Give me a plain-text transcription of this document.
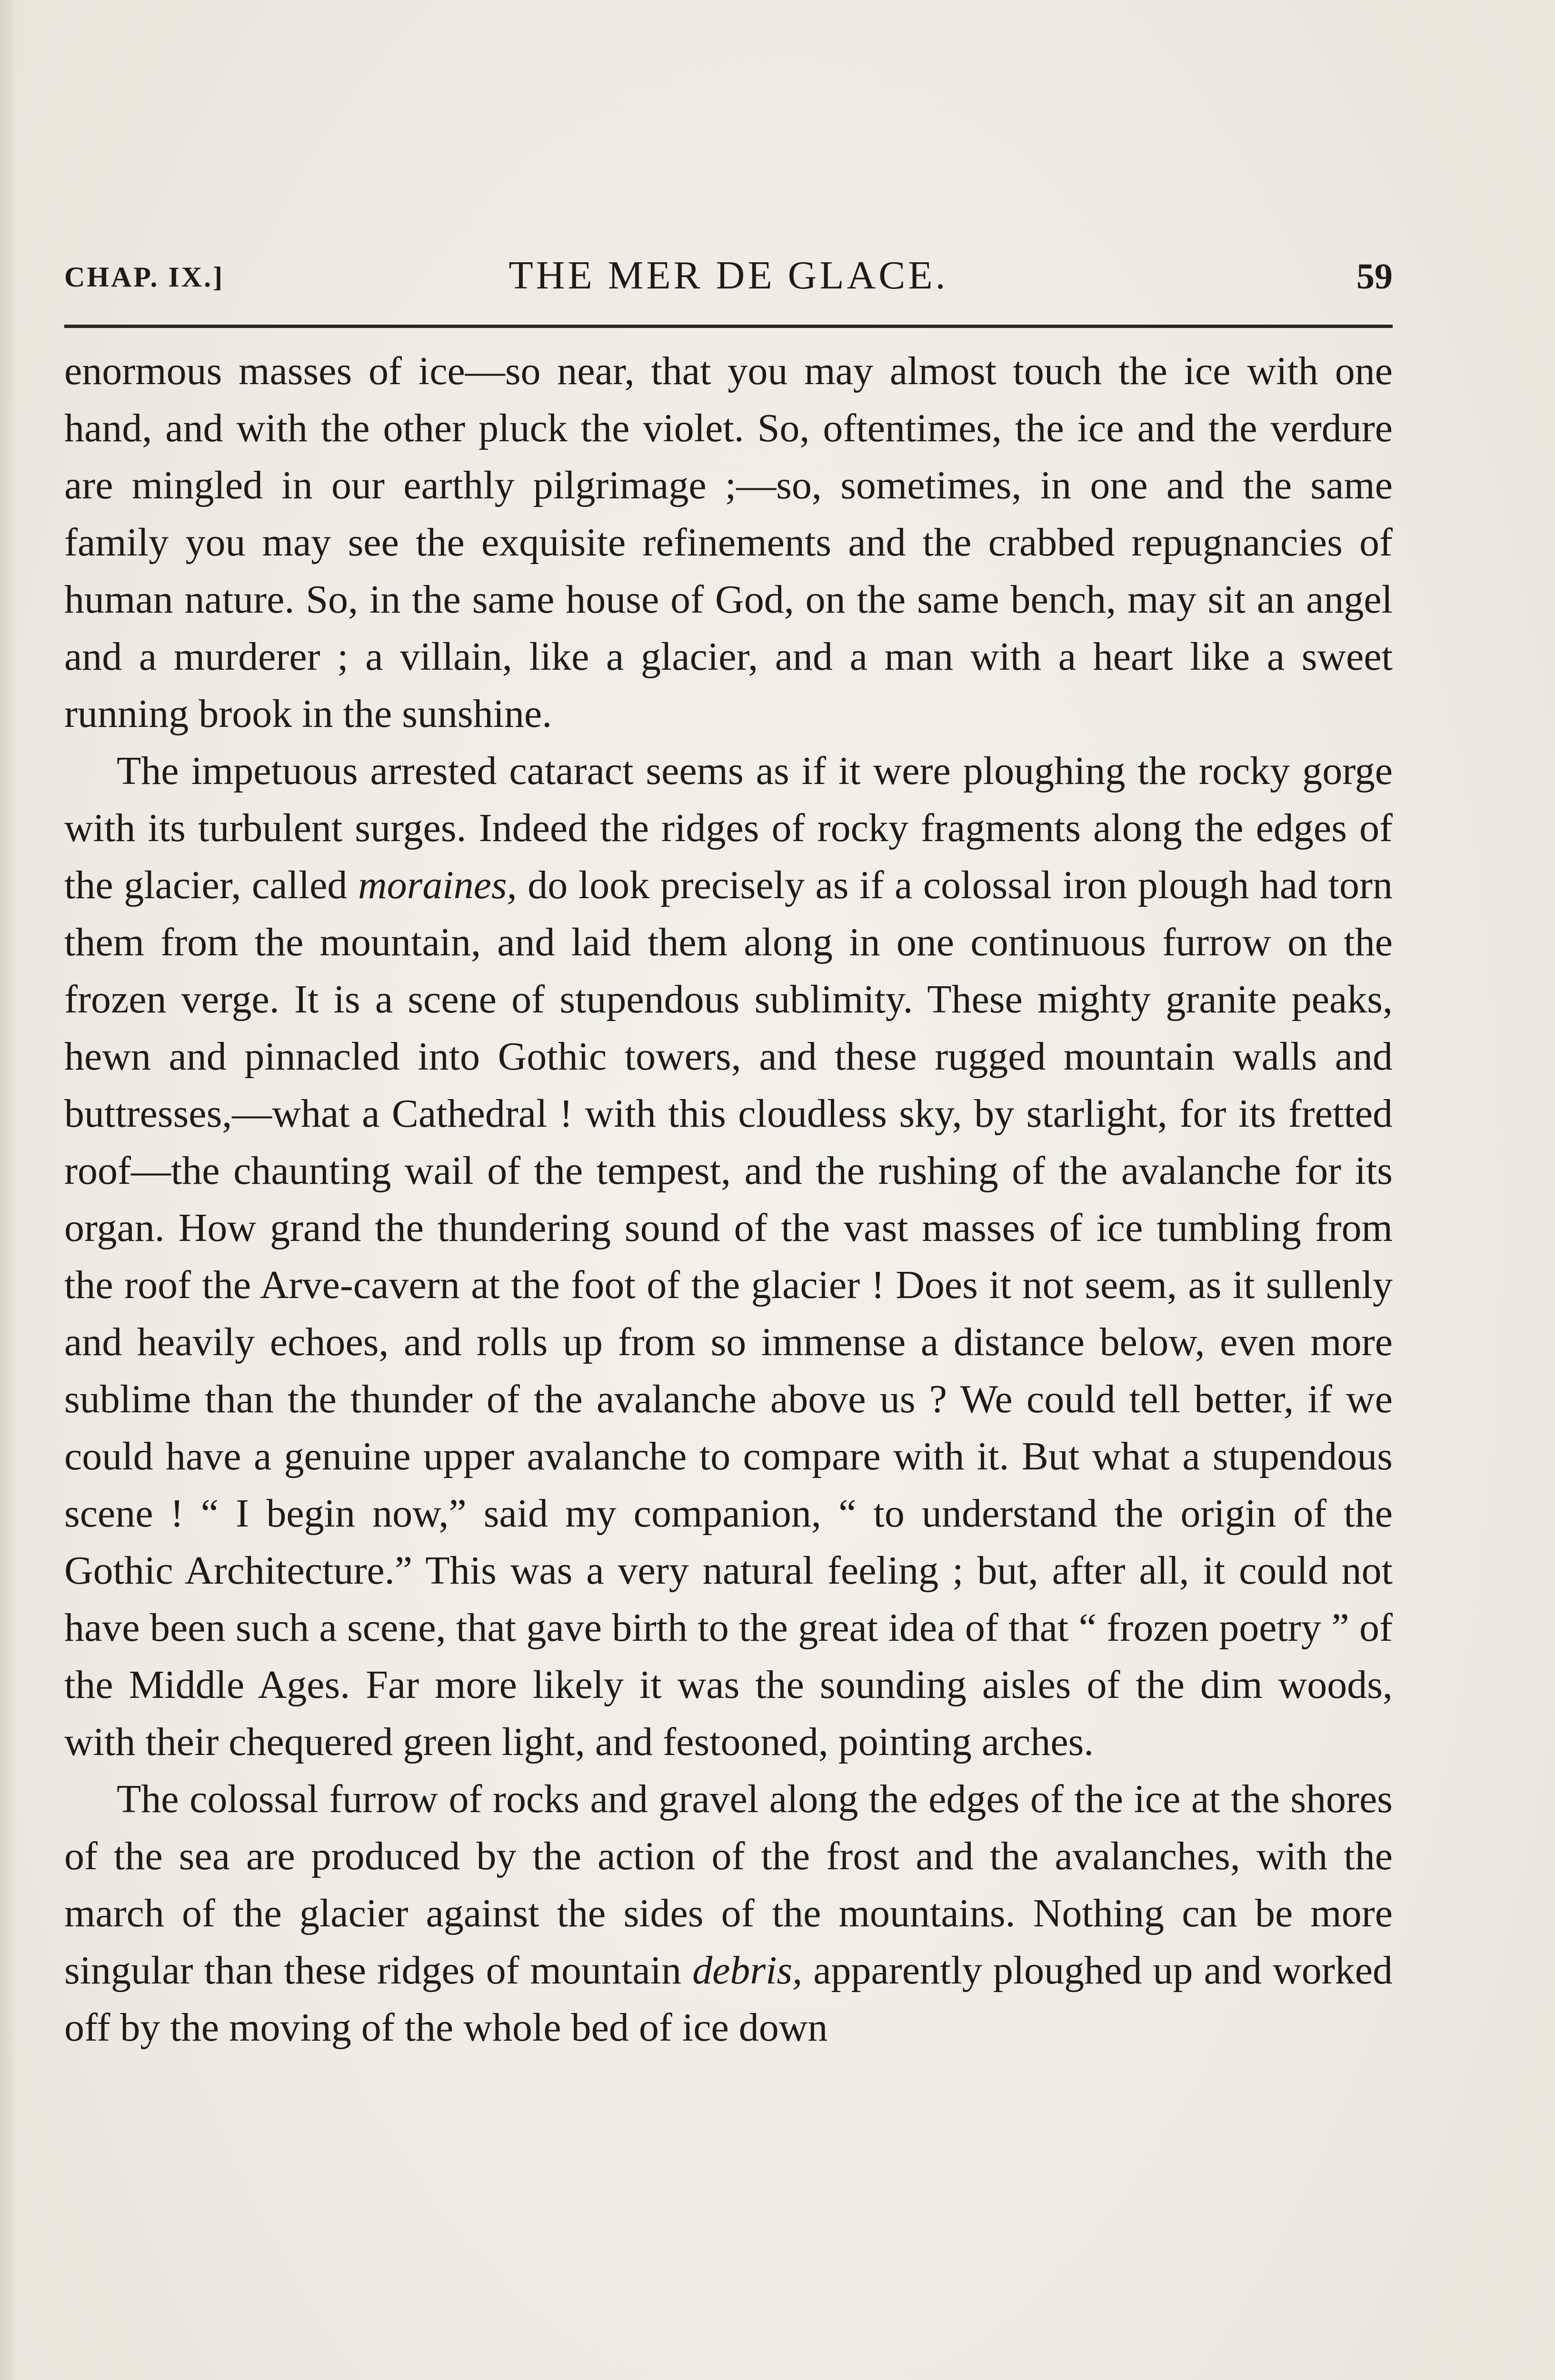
CHAP. IX.]	THE MER DE GLACE.	59

enormous masses of ice—so near, that you may almost touch the ice with one hand, and with the other pluck the violet. So, oftentimes, the ice and the verdure are mingled in our earthly pilgrimage ;—so, sometimes, in one and the same family you may see the exquisite refinements and the crabbed repugnancies of human nature. So, in the same house of God, on the same bench, may sit an angel and a murderer ; a villain, like a glacier, and a man with a heart like a sweet running brook in the sunshine.

The impetuous arrested cataract seems as if it were ploughing the rocky gorge with its turbulent surges. Indeed the ridges of rocky fragments along the edges of the glacier, called moraines, do look precisely as if a colossal iron plough had torn them from the mountain, and laid them along in one continuous furrow on the frozen verge. It is a scene of stupendous sublimity. These mighty granite peaks, hewn and pinnacled into Gothic towers, and these rugged mountain walls and buttresses,—what a Cathedral ! with this cloudless sky, by starlight, for its fretted roof—the chaunting wail of the tempest, and the rushing of the avalanche for its organ. How grand the thundering sound of the vast masses of ice tumbling from the roof the Arve-cavern at the foot of the glacier ! Does it not seem, as it sullenly and heavily echoes, and rolls up from so immense a distance below, even more sublime than the thunder of the avalanche above us ? We could tell better, if we could have a genuine upper avalanche to compare with it. But what a stupendous scene ! “ I begin now,” said my companion, “ to understand the origin of the Gothic Architecture.” This was a very natural feeling ; but, after all, it could not have been such a scene, that gave birth to the great idea of that “ frozen poetry ” of the Middle Ages. Far more likely it was the sounding aisles of the dim woods, with their chequered green light, and festooned, pointing arches.

The colossal furrow of rocks and gravel along the edges of the ice at the shores of the sea are produced by the action of the frost and the avalanches, with the march of the glacier against the sides of the mountains. Nothing can be more singular than these ridges of mountain debris, apparently ploughed up and worked off by the moving of the whole bed of ice down
